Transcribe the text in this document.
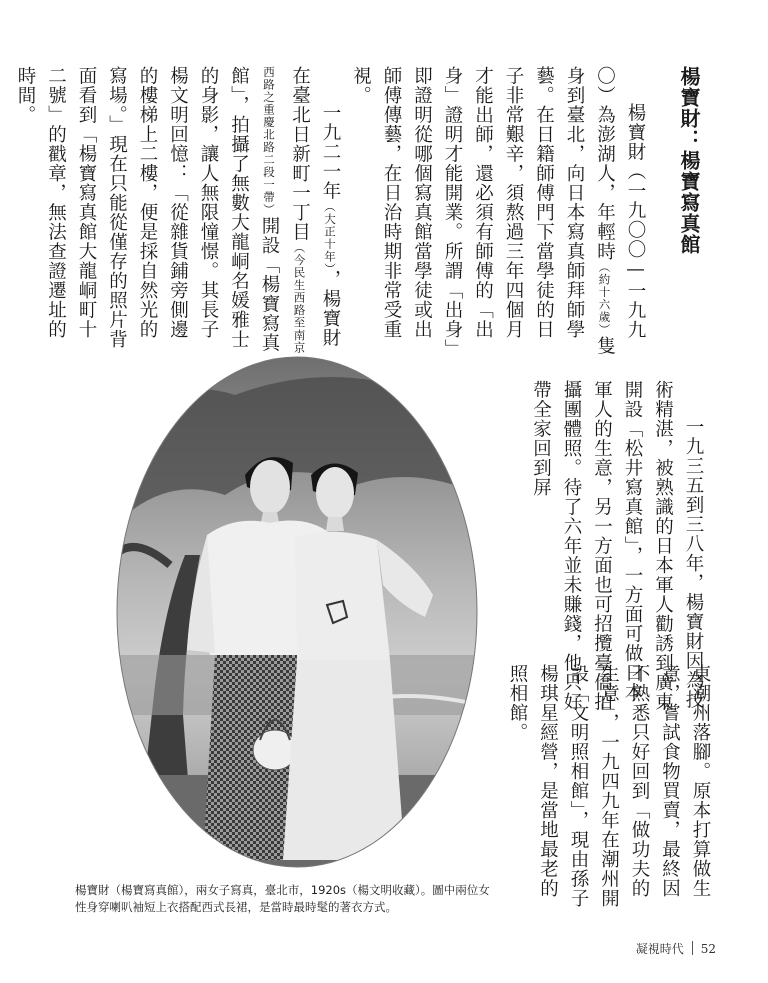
楊寶財：楊寶寫真館

楊寶財（一九〇〇—一九九〇）為澎湖人，年輕時（約十六歲）隻身到臺北，向日本寫真師拜師學藝。在日籍師傅門下當學徒的日子非常艱辛，須熬過三年四個月才能出師，還必須有師傅的「出身」證明才能開業。所謂「出身」即證明從哪個寫真館當學徒或出師傅傳藝，在日治時期非常受重視。

一九二一年（大正十年），楊寶財在臺北日新町一丁目（今民生西路至南京西路之重慶北路二段一帶）開設「楊寶寫真館」，拍攝了無數大龍峒名媛雅士的身影，讓人無限憧憬。其長子楊文明回憶：「從雜貨鋪旁側邊的樓梯上二樓，便是採自然光的寫場。」現在只能從僅存的照片背面看到「楊寶寫真館大龍峒町十二號」的戳章，無法查證遷址的時間。

一九三五到三八年，楊寶財因為技術精湛，被熟識的日本軍人勸誘到廣東開設「松井寫真館」，一方面可做日本軍人的生意，另一方面也可招攬臺僑拍攝團體照。待了六年並未賺錢，他只好帶全家回到屏

東潮州落腳。原本打算做生意，嘗試食物買賣，最終因不熟悉只好回到「做功夫的生意」，一九四九年在潮州開設「文明照相館」，現由孫子楊琪星經營，是當地最老的照相館。

楊寶財（楊寶寫真館），兩女子寫真，臺北市，1920s（楊文明收藏）。圖中兩位女性身穿喇叭袖短上衣搭配西式長裙，是當時最時髦的著衣方式。

凝視時代 52
